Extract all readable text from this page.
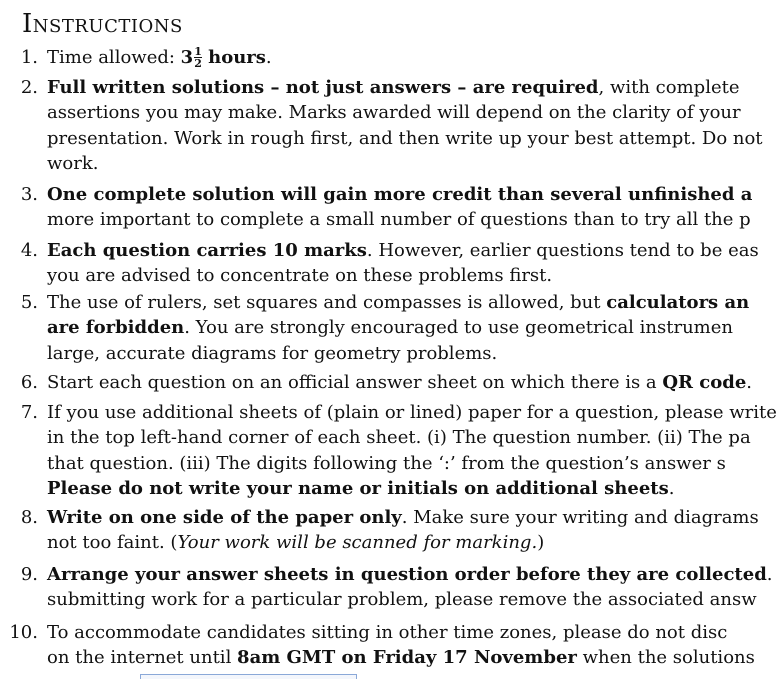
Instructions
1. Time allowed: $3 \frac{1}{2}$ hours.
2. Full written solutions – not just answers – are required, with complete
assertions you may make. Marks awarded will depend on the clarity of your
presentation. Work in rough first, and then write up your best attempt. Do not
work.
3. One complete solution will gain more credit than several unfinished a
more important to complete a small number of questions than to try all the p
4. Each question carries 10 marks. However, earlier questions tend to be eas
you are advised to concentrate on these problems first.
5. The use of rulers, set squares and compasses is allowed, but calculators an
are forbidden. You are strongly encouraged to use geometrical instrumen
large, accurate diagrams for geometry problems.
6. Start each question on an official answer sheet on which there is a QR code.
7. If you use additional sheets of (plain or lined) paper for a question, please write
in the top left-hand corner of each sheet. (i) The question number. (ii) The pa
that question. (iii) The digits following the ‘:’ from the question’s answer s
Please do not write your name or initials on additional sheets.
8. Write on one side of the paper only. Make sure your writing and diagrams
not too faint. (Your work will be scanned for marking.)
9. Arrange your answer sheets in question order before they are collected.
submitting work for a particular problem, please remove the associated answ
10. To accommodate candidates sitting in other time zones, please do not disc
on the internet until 8am GMT on Friday 17 November when the solutions
